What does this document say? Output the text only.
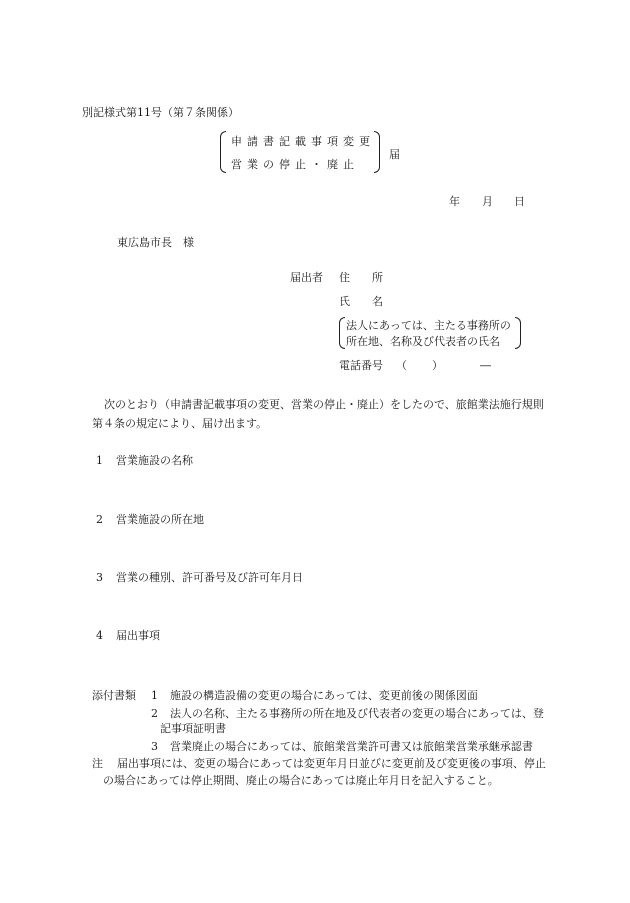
別記様式第11号（第７条関係）
申請書記載事項変更
営業の停止・廃止
届
年 月 日
東広島市長　様
届出者 住　　所
氏　　名
法人にあっては、主たる事務所の
所在地、名称及び代表者の氏名
電話番号 （ ）	―
次のとおり（申請書記載事項の変更、営業の停止・廃止）をしたので、旅館業法施行規則
第４条の規定により、届け出ます。
1 営業施設の名称
2 営業施設の所在地
3 営業の種別、許可番号及び許可年月日
4 届出事項
添付書類 1 施設の構造設備の変更の場合にあっては、変更前後の関係図面
2 法人の名称、主たる事務所の所在地及び代表者の変更の場合にあっては、登
記事項証明書
3 営業廃止の場合にあっては、旅館業営業許可書又は旅館業営業承継承認書
注 届出事項には、変更の場合にあっては変更年月日並びに変更前及び変更後の事項、停止
の場合にあっては停止期間、廃止の場合にあっては廃止年月日を記入すること。
